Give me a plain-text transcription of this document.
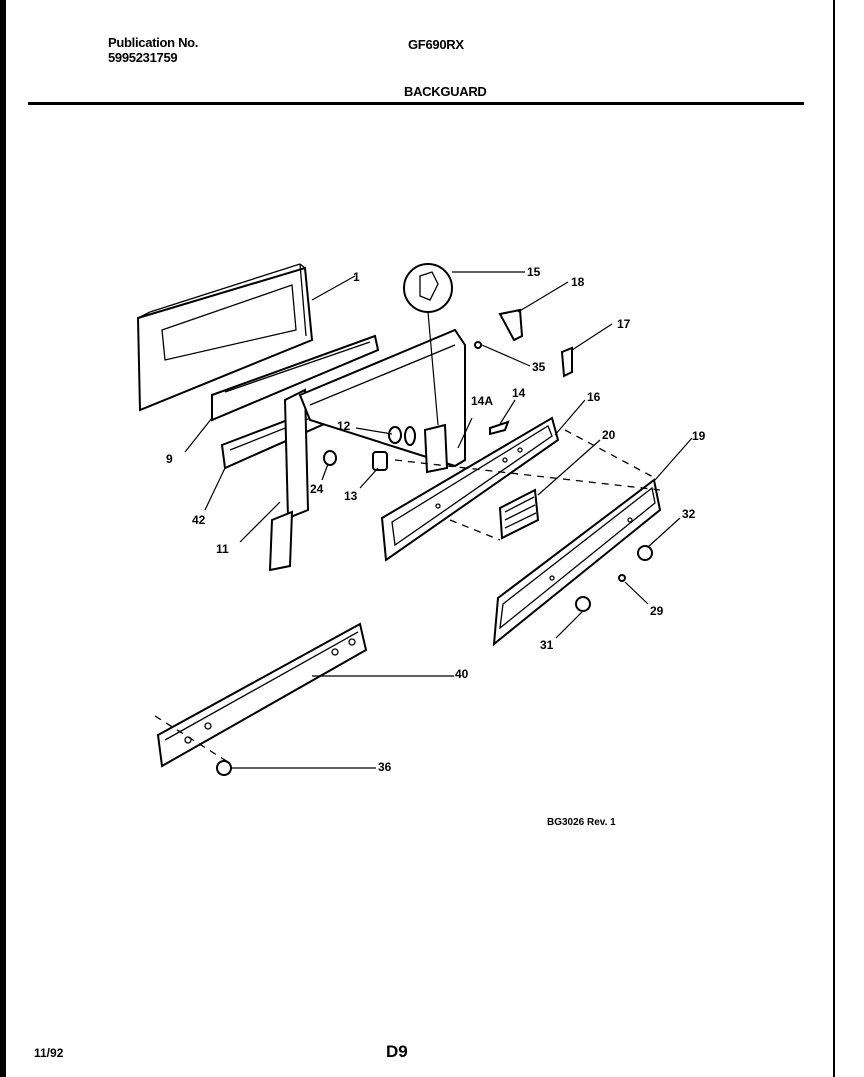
Publication No.
5995231759
GF690RX
BACKGUARD
1	15
18
17
35
14
14A	16
20	19
12
9
24 13
32
42
11
29
31
40
36
BG3026 Rev. 1
11/92	D9
